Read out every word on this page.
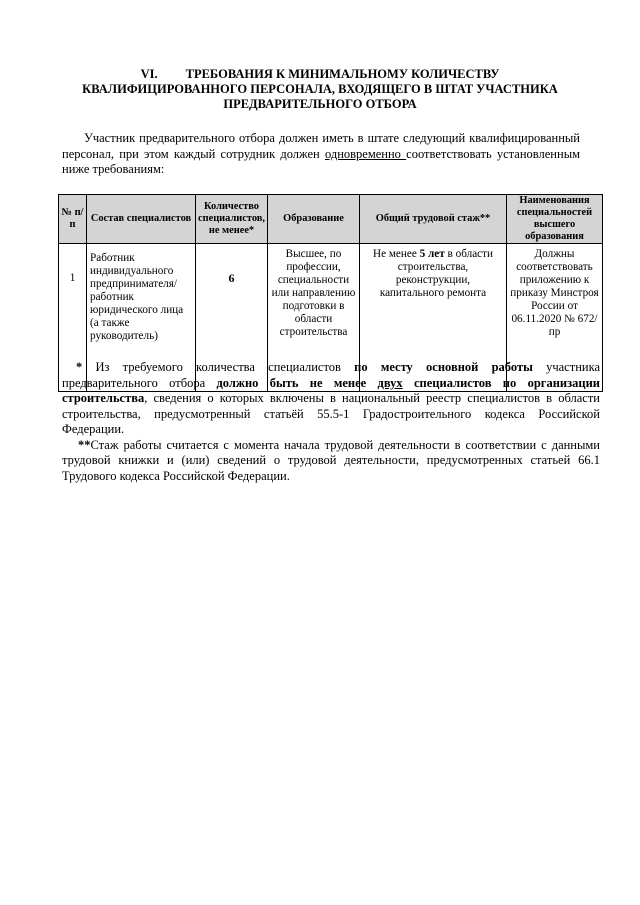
VI. ТРЕБОВАНИЯ К МИНИМАЛЬНОМУ КОЛИЧЕСТВУ
КВАЛИФИЦИРОВАННОГО ПЕРСОНАЛА, ВХОДЯЩЕГО В ШТАТ УЧАСТНИКА
ПРЕДВАРИТЕЛЬНОГО ОТБОРА
Участник предварительного отбора должен иметь в штате следующий квалифицированный персонал, при этом каждый сотрудник должен одновременно соответствовать установленным ниже требованиям:
№ п/п	Состав специалистов	Количество специалистов, не менее*	Образование	Общий трудовой стаж**	Наименования специальностей высшего образования
1	Работник индивидуального предпринимателя/ работник юридического лица (а также руководитель)	6	Высшее, по профессии, специальности или направлению подготовки в области строительства	Не менее 5 лет в области строительства, реконструкции, капитального ремонта	Должны соответствовать приложению к приказу Минстроя России от 06.11.2020 № 672/пр

* Из требуемого количества специалистов по месту основной работы участника предварительного отбора должно быть не менее двух специалистов по организации строительства, сведения о которых включены в национальный реестр специалистов в области строительства, предусмотренный статьёй 55.5-1 Градостроительного кодекса Российской Федерации.

**Стаж работы считается с момента начала трудовой деятельности в соответствии с данными трудовой книжки и (или) сведений о трудовой деятельности, предусмотренных статьей 66.1 Трудового кодекса Российской Федерации.
